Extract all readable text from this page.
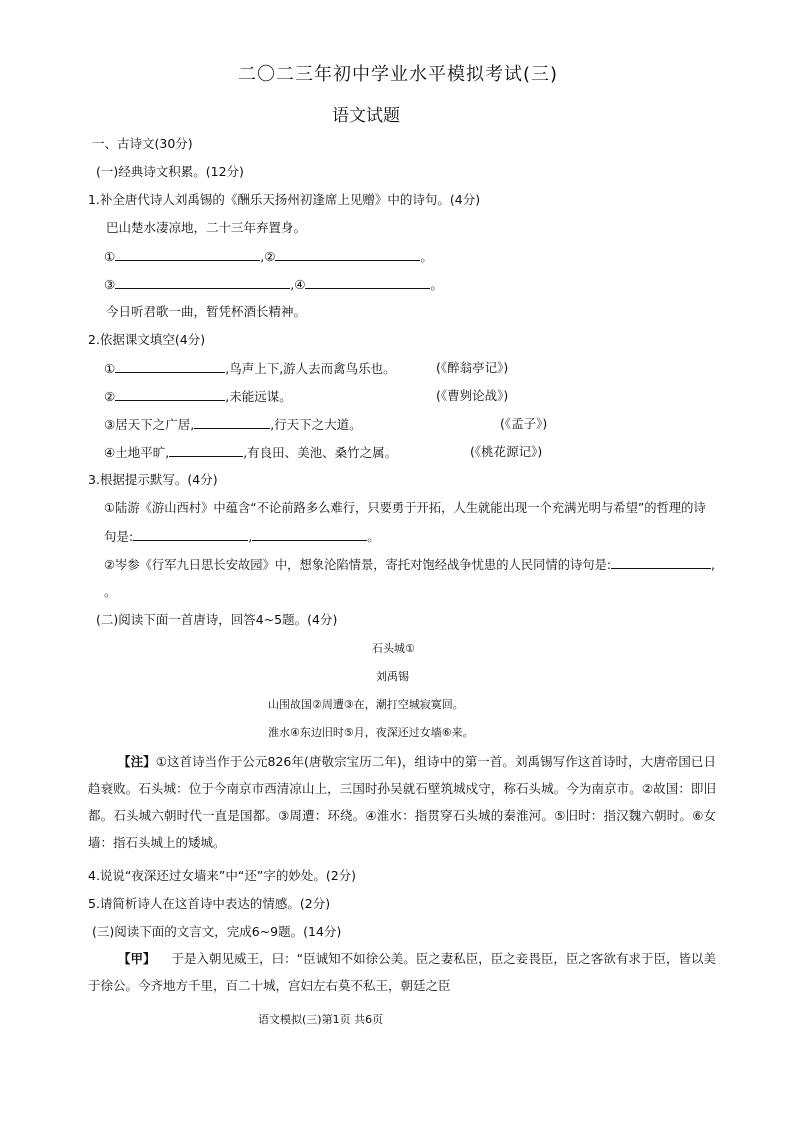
二〇二三年初中学业水平模拟考试(三)
语文试题
一、古诗文(30分)
(一)经典诗文积累。(12分)
1.补全唐代诗人刘禹锡的《酬乐天扬州初逢席上见赠》中的诗句。(4分)
巴山楚水凄凉地，二十三年弃置身。
①	,②	。
③	,④	。
今日听君歌一曲，暂凭杯酒长精神。
2.依据课文填空(4分)
①	,鸟声上下,游人去而禽鸟乐也。	(《醉翁亭记》)
②	,未能远谋。	(《曹刿论战》)
③居天下之广居,	,行天下之大道。	(《孟子》)
④土地平旷,	,有良田、美池、桑竹之属。	(《桃花源记》)
3.根据提示默写。(4分)
①陆游《游山西村》中蕴含“不论前路多么难行，只要勇于开拓，人生就能出现一个充满光明与希望”的哲理的诗
句是:	,	。
②岑参《行军九日思长安故园》中，想象沦陷情景，寄托对饱经战争忧患的人民同情的诗句是:	,
。
(二)阅读下面一首唐诗，回答4~5题。(4分)
石头城①
刘禹锡
山围故国②周遭③在，潮打空城寂寞回。
淮水④东边旧时⑤月，夜深还过女墙⑥来。
【注】①这首诗当作于公元826年(唐敬宗宝历二年)，组诗中的第一首。刘禹锡写作这首诗时，大唐帝国已日趋衰败。石头城：位于今南京市西清凉山上，三国时孙吴就石壁筑城戍守，称石头城。今为南京市。②故国：即旧都。石头城六朝时代一直是国都。③周遭：环绕。④淮水：指贯穿石头城的秦淮河。⑤旧时：指汉魏六朝时。⑥女墙：指石头城上的矮城。
4.说说“夜深还过女墙来”中“还”字的妙处。(2分)
5.请简析诗人在这首诗中表达的情感。(2分)
(三)阅读下面的文言文，完成6~9题。(14分)
【甲】 于是入朝见威王，曰：“臣诚知不如徐公美。臣之妻私臣，臣之妾畏臣，臣之客欲有求于臣，皆以美于徐公。今齐地方千里，百二十城，宫妇左右莫不私王，朝廷之臣
语文模拟(三)第1页 共6页
